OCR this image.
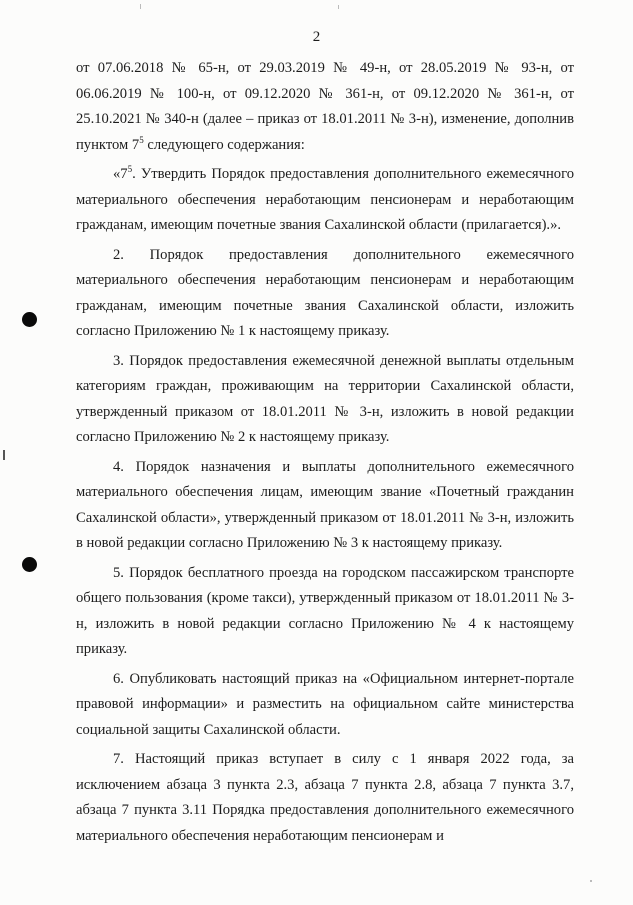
2

от 07.06.2018 № 65-н, от 29.03.2019 № 49-н, от 28.05.2019 № 93-н, от 06.06.2019 № 100-н, от 09.12.2020 № 361-н, от 09.12.2020 № 361-н, от 25.10.2021 № 340-н (далее – приказ от 18.01.2011 № 3-н), изменение, дополнив пунктом $7^5$ следующего содержания:

«$7^5$. Утвердить Порядок предоставления дополнительного ежемесячного материального обеспечения неработающим пенсионерам и неработающим гражданам, имеющим почетные звания Сахалинской области (прилагается).».

2. Порядок предоставления дополнительного ежемесячного материального обеспечения неработающим пенсионерам и неработающим гражданам, имеющим почетные звания Сахалинской области, изложить согласно Приложению № 1 к настоящему приказу.

3. Порядок предоставления ежемесячной денежной выплаты отдельным категориям граждан, проживающим на территории Сахалинской области, утвержденный приказом от 18.01.2011 № 3-н, изложить в новой редакции согласно Приложению № 2 к настоящему приказу.

4. Порядок назначения и выплаты дополнительного ежемесячного материального обеспечения лицам, имеющим звание «Почетный гражданин Сахалинской области», утвержденный приказом от 18.01.2011 № 3-н, изложить в новой редакции согласно Приложению № 3 к настоящему приказу.

5. Порядок бесплатного проезда на городском пассажирском транспорте общего пользования (кроме такси), утвержденный приказом от 18.01.2011 № 3-н, изложить в новой редакции согласно Приложению № 4 к настоящему приказу.

6. Опубликовать настоящий приказ на «Официальном интернет-портале правовой информации» и разместить на официальном сайте министерства социальной защиты Сахалинской области.

7. Настоящий приказ вступает в силу с 1 января 2022 года, за исключением абзаца 3 пункта 2.3, абзаца 7 пункта 2.8, абзаца 7 пункта 3.7, абзаца 7 пункта 3.11 Порядка предоставления дополнительного ежемесячного материального обеспечения неработающим пенсионерам и
